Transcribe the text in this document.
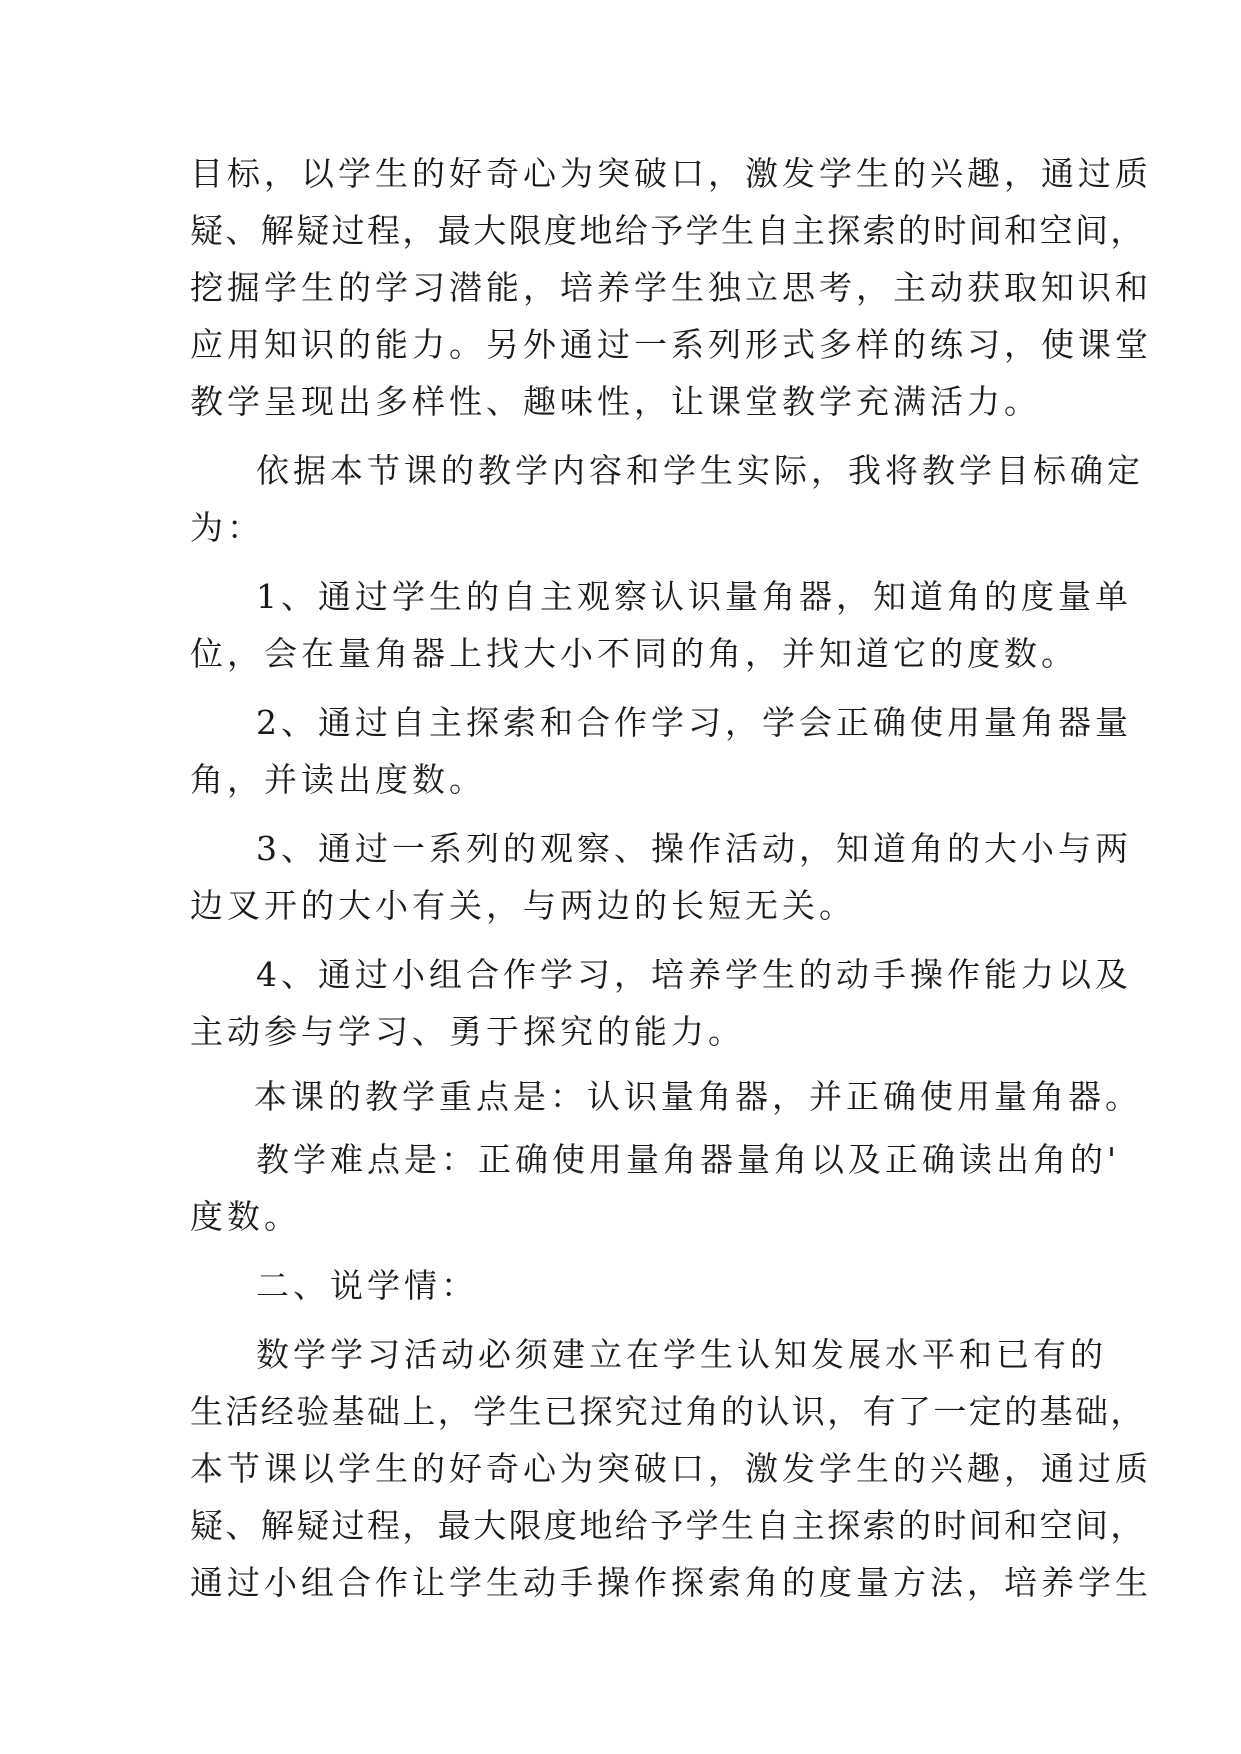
目标，以学生的好奇心为突破口，激发学生的兴趣，通过质
疑、解疑过程，最大限度地给予学生自主探索的时间和空间，
挖掘学生的学习潜能，培养学生独立思考，主动获取知识和
应用知识的能力。另外通过一系列形式多样的练习，使课堂
教学呈现出多样性、趣味性，让课堂教学充满活力。
依据本节课的教学内容和学生实际，我将教学目标确定
为：
1、通过学生的自主观察认识量角器，知道角的度量单
位，会在量角器上找大小不同的角，并知道它的度数。
2、通过自主探索和合作学习，学会正确使用量角器量
角，并读出度数。
3、通过一系列的观察、操作活动，知道角的大小与两
边叉开的大小有关，与两边的长短无关。
4、通过小组合作学习，培养学生的动手操作能力以及
主动参与学习、勇于探究的能力。
本课的教学重点是：认识量角器，并正确使用量角器。
教学难点是：正确使用量角器量角以及正确读出角的'
度数。
二、说学情：
数学学习活动必须建立在学生认知发展水平和已有的
生活经验基础上，学生已探究过角的认识，有了一定的基础，
本节课以学生的好奇心为突破口，激发学生的兴趣，通过质
疑、解疑过程，最大限度地给予学生自主探索的时间和空间，
通过小组合作让学生动手操作探索角的度量方法，培养学生
